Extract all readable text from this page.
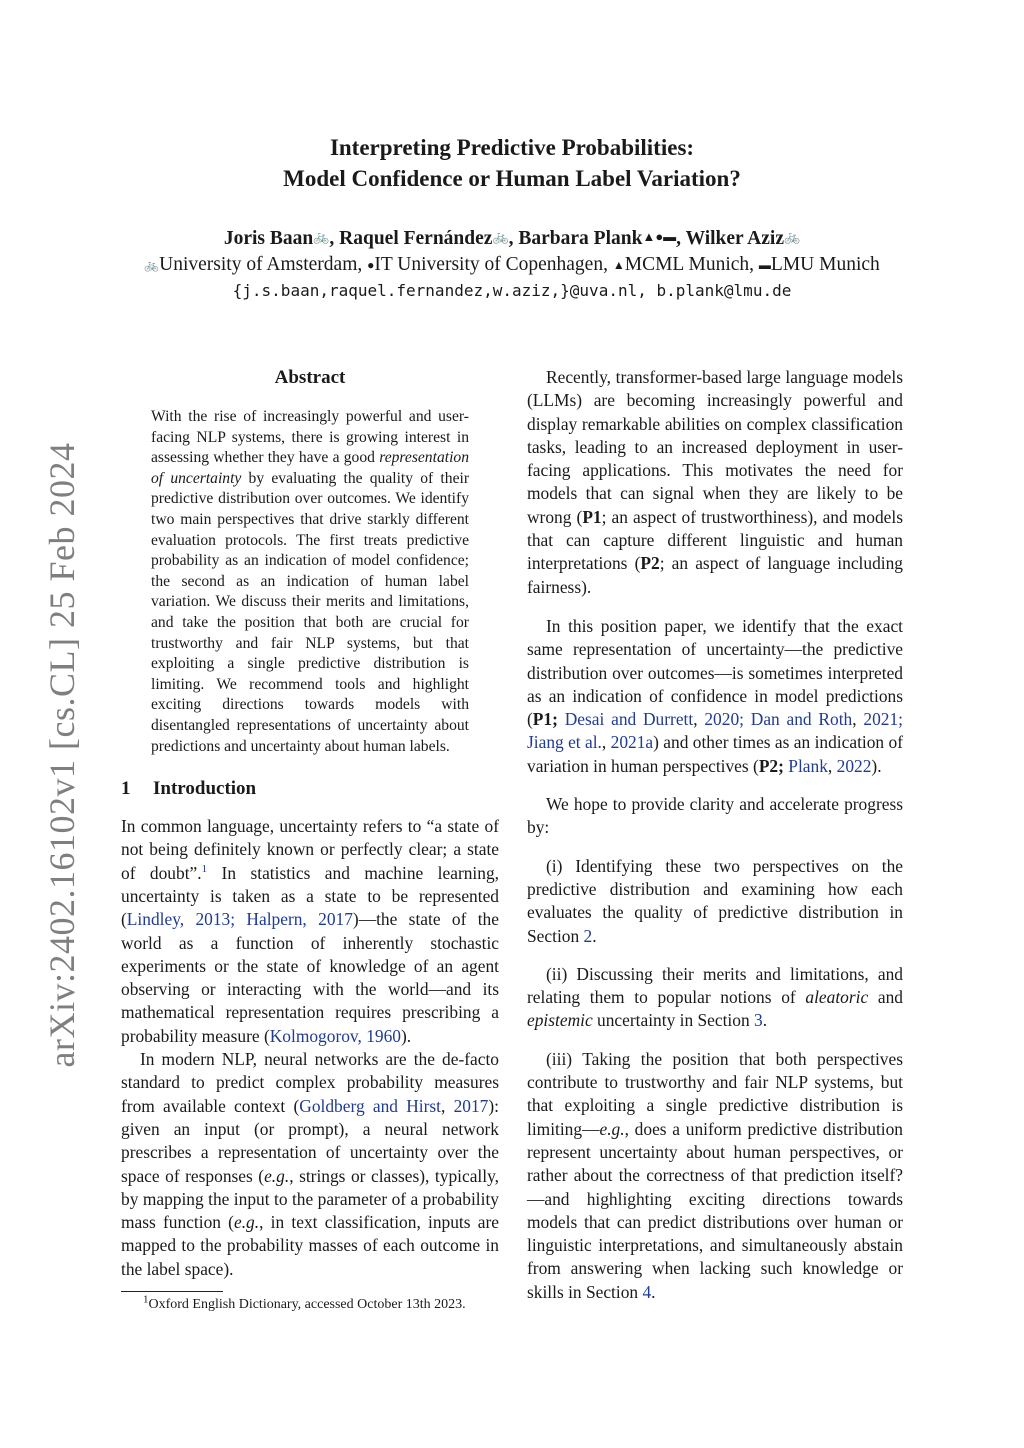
arXiv:2402.16102v1 [cs.CL] 25 Feb 2024
Interpreting Predictive Probabilities:
Model Confidence or Human Label Variation?
Joris Baan🚲, Raquel Fernández🚲, Barbara Plank▲●▬, Wilker Aziz🚲
🚲University of Amsterdam, ●IT University of Copenhagen, ▲MCML Munich, ▬LMU Munich
{j.s.baan,raquel.fernandez,w.aziz,}@uva.nl, b.plank@lmu.de
Abstract
With the rise of increasingly powerful and user-facing NLP systems, there is growing interest in assessing whether they have a good representation of uncertainty by evaluating the quality of their predictive distribution over outcomes. We identify two main perspectives that drive starkly different evaluation protocols. The first treats predictive probability as an indication of model confidence; the second as an indication of human label variation. We discuss their merits and limitations, and take the position that both are crucial for trustworthy and fair NLP systems, but that exploiting a single predictive distribution is limiting. We recommend tools and highlight exciting directions towards models with disentangled representations of uncertainty about predictions and uncertainty about human labels.
1 Introduction

In common language, uncertainty refers to “a state of not being definitely known or perfectly clear; a state of doubt”.$^1$ In statistics and machine learning, uncertainty is taken as a state to be represented (Lindley, 2013; Halpern, 2017)—the state of the world as a function of inherently stochastic experiments or the state of knowledge of an agent observing or interacting with the world—and its mathematical representation requires prescribing a probability measure (Kolmogorov, 1960).

In modern NLP, neural networks are the de-facto standard to predict complex probability measures from available context (Goldberg and Hirst, 2017): given an input (or prompt), a neural network prescribes a representation of uncertainty over the space of responses (e.g., strings or classes), typically, by mapping the input to the parameter of a probability mass function (e.g., in text classification, inputs are mapped to the probability masses of each outcome in the label space).

$^1$Oxford English Dictionary, accessed October 13th 2023.

Recently, transformer-based large language models (LLMs) are becoming increasingly powerful and display remarkable abilities on complex classification tasks, leading to an increased deployment in user-facing applications. This motivates the need for models that can signal when they are likely to be wrong (P1; an aspect of trustworthiness), and models that can capture different linguistic and human interpretations (P2; an aspect of language including fairness).

In this position paper, we identify that the exact same representation of uncertainty—the predictive distribution over outcomes—is sometimes interpreted as an indication of confidence in model predictions (P1; Desai and Durrett, 2020; Dan and Roth, 2021; Jiang et al., 2021a) and other times as an indication of variation in human perspectives (P2; Plank, 2022).

We hope to provide clarity and accelerate progress by:

(i) Identifying these two perspectives on the predictive distribution and examining how each evaluates the quality of predictive distribution in Section 2.

(ii) Discussing their merits and limitations, and relating them to popular notions of aleatoric and epistemic uncertainty in Section 3.

(iii) Taking the position that both perspectives contribute to trustworthy and fair NLP systems, but that exploiting a single predictive distribution is limiting—e.g., does a uniform predictive distribution represent uncertainty about human perspectives, or rather about the correctness of that prediction itself?—and highlighting exciting directions towards models that can predict distributions over human or linguistic interpretations, and simultaneously abstain from answering when lacking such knowledge or skills in Section 4.
